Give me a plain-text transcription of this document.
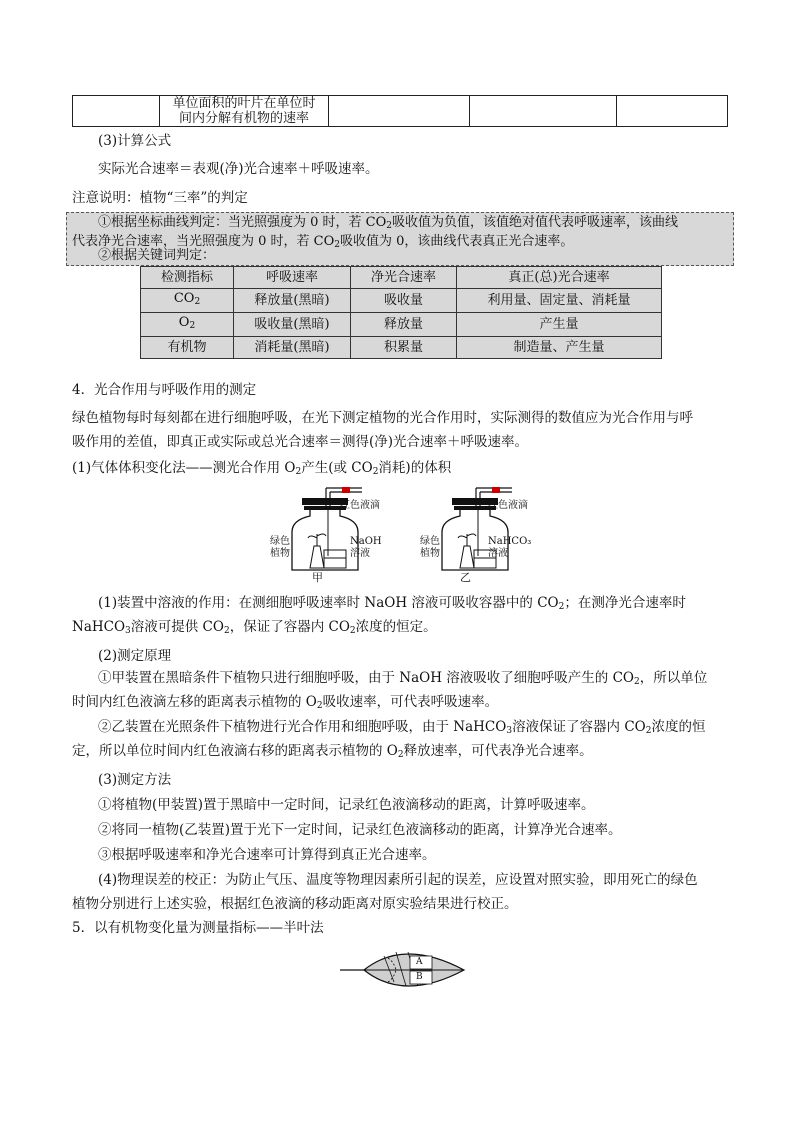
单位面积的叶片在单位时
间内分解有机物的速率

(3)计算公式
实际光合速率＝表观(净)光合速率＋呼吸速率。
注意说明：植物“三率”的判定
①根据坐标曲线判定：当光照强度为 0 时，若 $CO_2$吸收值为负值，该值绝对值代表呼吸速率，该曲线
代表净光合速率，当光照强度为 0 时，若 $CO_2$吸收值为 0，该曲线代表真正光合速率。
②根据关键词判定：
检测指标	呼吸速率	净光合速率	真正(总)光合速率
$CO_2$	释放量(黑暗)	吸收量	利用量、固定量、消耗量
$O_2$	吸收量(黑暗)	释放量	产生量
有机物	消耗量(黑暗)	积累量	制造量、产生量
4．光合作用与呼吸作用的测定
绿色植物每时每刻都在进行细胞呼吸，在光下测定植物的光合作用时，实际测得的数值应为光合作用与呼
吸作用的差值，即真正或实际或总光合速率＝测得(净)光合速率＋呼吸速率。
(1)气体体积变化法——测光合作用 $O_2$产生(或 $CO_2$消耗)的体积
红色液滴
绿色
植物
NaOH
溶液
甲
红色液滴
绿色
植物
NaHCO₃
溶液
乙
(1)装置中溶液的作用：在测细胞呼吸速率时 NaOH 溶液可吸收容器中的 $CO_2$；在测净光合速率时
NaHCO$_3$溶液可提供 $CO_2$，保证了容器内 $CO_2$浓度的恒定。
(2)测定原理
①甲装置在黑暗条件下植物只进行细胞呼吸，由于 NaOH 溶液吸收了细胞呼吸产生的 $CO_2$，所以单位
时间内红色液滴左移的距离表示植物的 $O_2$吸收速率，可代表呼吸速率。
②乙装置在光照条件下植物进行光合作用和细胞呼吸，由于 NaHCO$_3$溶液保证了容器内 $CO_2$浓度的恒
定，所以单位时间内红色液滴右移的距离表示植物的 $O_2$释放速率，可代表净光合速率。
(3)测定方法
①将植物(甲装置)置于黑暗中一定时间，记录红色液滴移动的距离，计算呼吸速率。
②将同一植物(乙装置)置于光下一定时间，记录红色液滴移动的距离，计算净光合速率。
③根据呼吸速率和净光合速率可计算得到真正光合速率。
(4)物理误差的校正：为防止气压、温度等物理因素所引起的误差，应设置对照实验，即用死亡的绿色
植物分别进行上述实验，根据红色液滴的移动距离对原实验结果进行校正。
5．以有机物变化量为测量指标——半叶法
A
B
